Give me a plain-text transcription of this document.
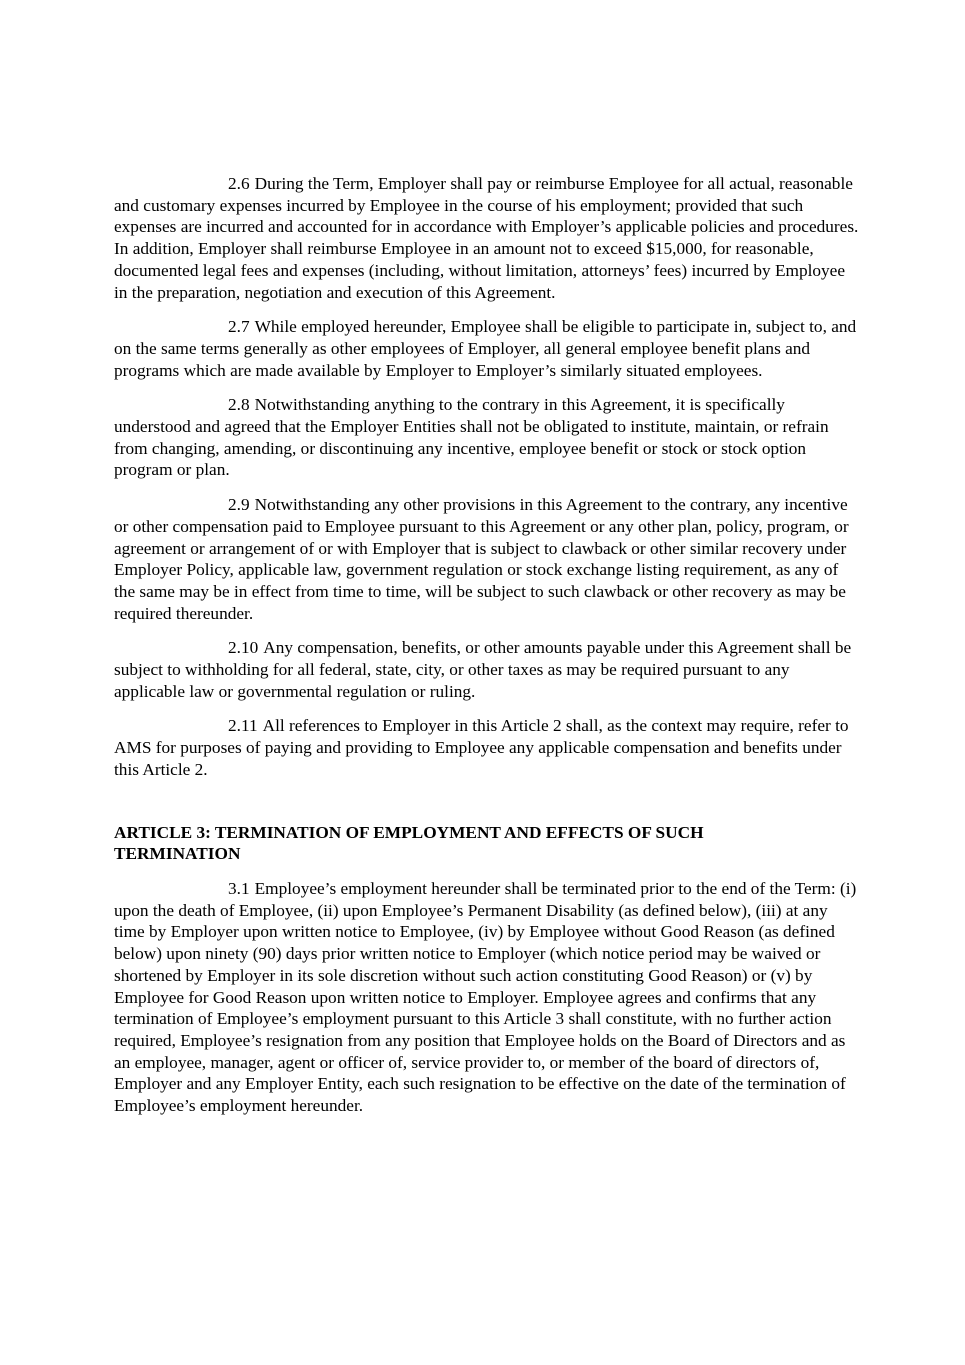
2.6 During the Term, Employer shall pay or reimburse Employee for all actual, reasonable and customary expenses incurred by Employee in the course of his employment; provided that such expenses are incurred and accounted for in accordance with Employer’s applicable policies and procedures. In addition, Employer shall reimburse Employee in an amount not to exceed $15,000, for reasonable, documented legal fees and expenses (including, without limitation, attorneys’ fees) incurred by Employee in the preparation, negotiation and execution of this Agreement.

2.7 While employed hereunder, Employee shall be eligible to participate in, subject to, and on the same terms generally as other employees of Employer, all general employee benefit plans and programs which are made available by Employer to Employer’s similarly situated employees.

2.8 Notwithstanding anything to the contrary in this Agreement, it is specifically understood and agreed that the Employer Entities shall not be obligated to institute, maintain, or refrain from changing, amending, or discontinuing any incentive, employee benefit or stock or stock option program or plan.

2.9 Notwithstanding any other provisions in this Agreement to the contrary, any incentive or other compensation paid to Employee pursuant to this Agreement or any other plan, policy, program, or agreement or arrangement of or with Employer that is subject to clawback or other similar recovery under Employer Policy, applicable law, government regulation or stock exchange listing requirement, as any of the same may be in effect from time to time, will be subject to such clawback or other recovery as may be required thereunder.

2.10 Any compensation, benefits, or other amounts payable under this Agreement shall be subject to withholding for all federal, state, city, or other taxes as may be required pursuant to any applicable law or governmental regulation or ruling.

2.11 All references to Employer in this Article 2 shall, as the context may require, refer to AMS for purposes of paying and providing to Employee any applicable compensation and benefits under this Article 2.

ARTICLE 3: TERMINATION OF EMPLOYMENT AND EFFECTS OF SUCH TERMINATION

3.1 Employee’s employment hereunder shall be terminated prior to the end of the Term: (i) upon the death of Employee, (ii) upon Employee’s Permanent Disability (as defined below), (iii) at any time by Employer upon written notice to Employee, (iv) by Employee without Good Reason (as defined below) upon ninety (90) days prior written notice to Employer (which notice period may be waived or shortened by Employer in its sole discretion without such action constituting Good Reason) or (v) by Employee for Good Reason upon written notice to Employer. Employee agrees and confirms that any termination of Employee’s employment pursuant to this Article 3 shall constitute, with no further action required, Employee’s resignation from any position that Employee holds on the Board of Directors and as an employee, manager, agent or officer of, service provider to, or member of the board of directors of, Employer and any Employer Entity, each such resignation to be effective on the date of the termination of Employee’s employment hereunder.
